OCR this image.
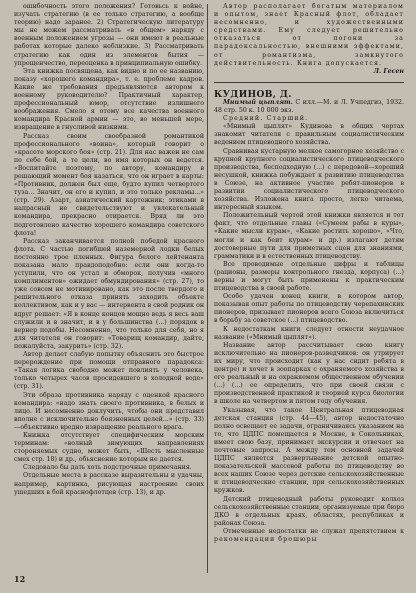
ошибочность этого положения? Готовьсь к войне, изучать стратегию (в ее только стратегию, а вообще теорию) надо заранее. 2) Стратегическую литературу мы не можем рассматривать «в общем» наряду с военным положением угрозы — они имеют в реальные работах которые далеко неблизкие. 3) Рассматривать стратегию как один из элементов бытия — упрощенчество, переоценка в принципиальную ошибку.

Эта книжка посвящена, как видно и по ее названию, показу «хорошего командира», т. е. проблеме кадров. Какие же требования предъявляются автором к военному руководителю? Практичный характер, профессиональный юмор, отсутствие излишнего воображения. Смело я отому все качества военного командира Красной армии — это, во меньшей мере, извращение в гнусливой низкими.

Рассказ своим своебразной романтикой профессионального «воина», который говорит о «красоте морского боя» (стр. 21). Для нас важен не сам по себе бой, а те цели, во имя которых он ведется. «Воспитайте поэтому, по автору, командиру в решающий момент боя казаться, что он играет в карты: «Противник, должен был еще, будто купил четвертого туза... Значит, он его и купил, и это только рекламы...» (стр. 29). Азарт, азиатический картежник; этиками в напрасный не свидетельствуют и увлекательный командира, прекрасно отирается. Вряд ли это подготовлено качество хорошего командира советского флота!

Рассказ заканчивается полной победой красного флота. С частью погибшей наземерной лодки белых постоянно трое пленных. Фигура белого лейтенанта показана мало правдоподобно: если они когда-то уступили, что он устал и обморок, получив «много комплиментов» ожидает обмундирования» (стр. 27), то уже совсем не мотивировано, как это после твердого и решительного отказа принять заходить объекте коллективом, как и у вас — интервента в свой родник он вдруг решает: «Я в конце концов мощно ведь я весь ваш служили и в значит, и в у большинства (...) порядок в вернер подобы. Несомненно, что только для себя, но я для читателя он говорит: «Товарищ командир, дайте, пожалуйста, закурить» (стр. 32).

Автор делает слабую попытку объяснить это быстрое перерождение при помощи отправного парадокса: «Такая логика свободно может повлиять у человека, только четырех часов просидевшего в холодной воде» (стр. 31).

Эти образа противника наряду с оценкой красного командира: «надо знать своего противника, в белых и лицо. И несомненно доклучить, чтобы они представил вполне с исключительно боязненных целей...» (стр. 33)—объективно вредно извращение реального врага.

Книжка отсутствует специфическим морским терминам: «волный зимующих направлениях стороняемых судно, может быть, «Шесть мысленные смех стр. 18) и др., обьяснение которым не дается.

Следовало бы дать хоть подстрочные примечания.

Отдельные места в рассказе выразительны и удачны, например, картинка, рисующая настроение своих ушедших в бой краснофлотцев (стр. 13), и др.

Автор располагает богатым материалом и опытом, знает Красный флот, обладает несомненно, и художественными средствами. Ему следует решительно отказаться от погони за парадоксальностью, внешними эффектами, от романтизма, замкнутого действительность. Книга допускается.

Л. Гесен

КУДИНОВ, Д.

Мнимый цыплят. С илл.—М. и Л. Учпедгиз, 1932. 48 стр. 50 к. 10 000 экз.

Средний. Старший.

«Мнимый цыплят» Кудинова в общих чертах знакомит читателя с правильным социалистическим ведением птицеводного хозяйства.

Сравнивая кустарную мелкое самогорное хозяйство с крупной крупного социалистического птицеводческого производства, бесподходную (...) с передовой—хороший несушкой, книжка побуждает к развитию птицеводства в Союзе, на активное участие ребят-пионеров в развитии социалистического птицеводческого хозяйства. Изложена книга просто, легко читаема, интересный языком.

Положительный чертой этой книжки является и тот факт, что отдельные главы («Сумеем рабы в куры», «Какие мысли курам», «Какие ростить хорошо», «Что, могли и как беит курам» и др.) излагают детям достоверные пути для приметных сцен для знаниями, грамматики и в естественных птицеводству.

Все проводимые отдельные цифры и таблицы (рационы, размеры контрольного гнезда, корпуса) (...) верны и могут быть применены к практическим птицеводства в своей работе.

Особо удачен конец книги, в котором автор, показывая опыт работы по птицеводству черепахинских пионеров, призывает пионеров всего Союза включиться в борьбу за советское (...) птицеводство.

К недостаткам книги следует отнести неудачное название («Мнимый цыплят»).

Название автор рассчитывает свою книгу исключительно на пионеров-разведчиков: он утрирует их миру, что происходит (как у нас сидит ребята в центре) и хочет в зоопарках с охраняемого хозяйства в его реальный и на охраняемом общественном обучении (...) (...) ее определить, что при своей связи с производственной практикой и теорией курса биологии в школе на четвертом и пятом году обучения.

Указывая, что такое Центральная птицеводная детская станция (стр. 44—45), автор недостаточно полно освещает ее задачи, ограничиваясь указанием на то, что ЦДПС помещается в Москве, в Сокольниках, имеет свою базу, принимает экскурсии и отвечает на почтовые запросы. А между тем основной задачей ЦДПС является развертывание детской опытно-показательской массовой работы по птицеводству во всех наших Союзе через детские сельскохозяйственные и птицеводческие станции, при сельскохозяйственных кружков.

Детский птицеводный работы руководит колхоз сельскохозяйственные станции, организуемые при бюро ДКО в отдельных краях, областях, республиках и районах Союза.

Отмеченные недостатки не служат препятствием к рекомендации брошюры

12
